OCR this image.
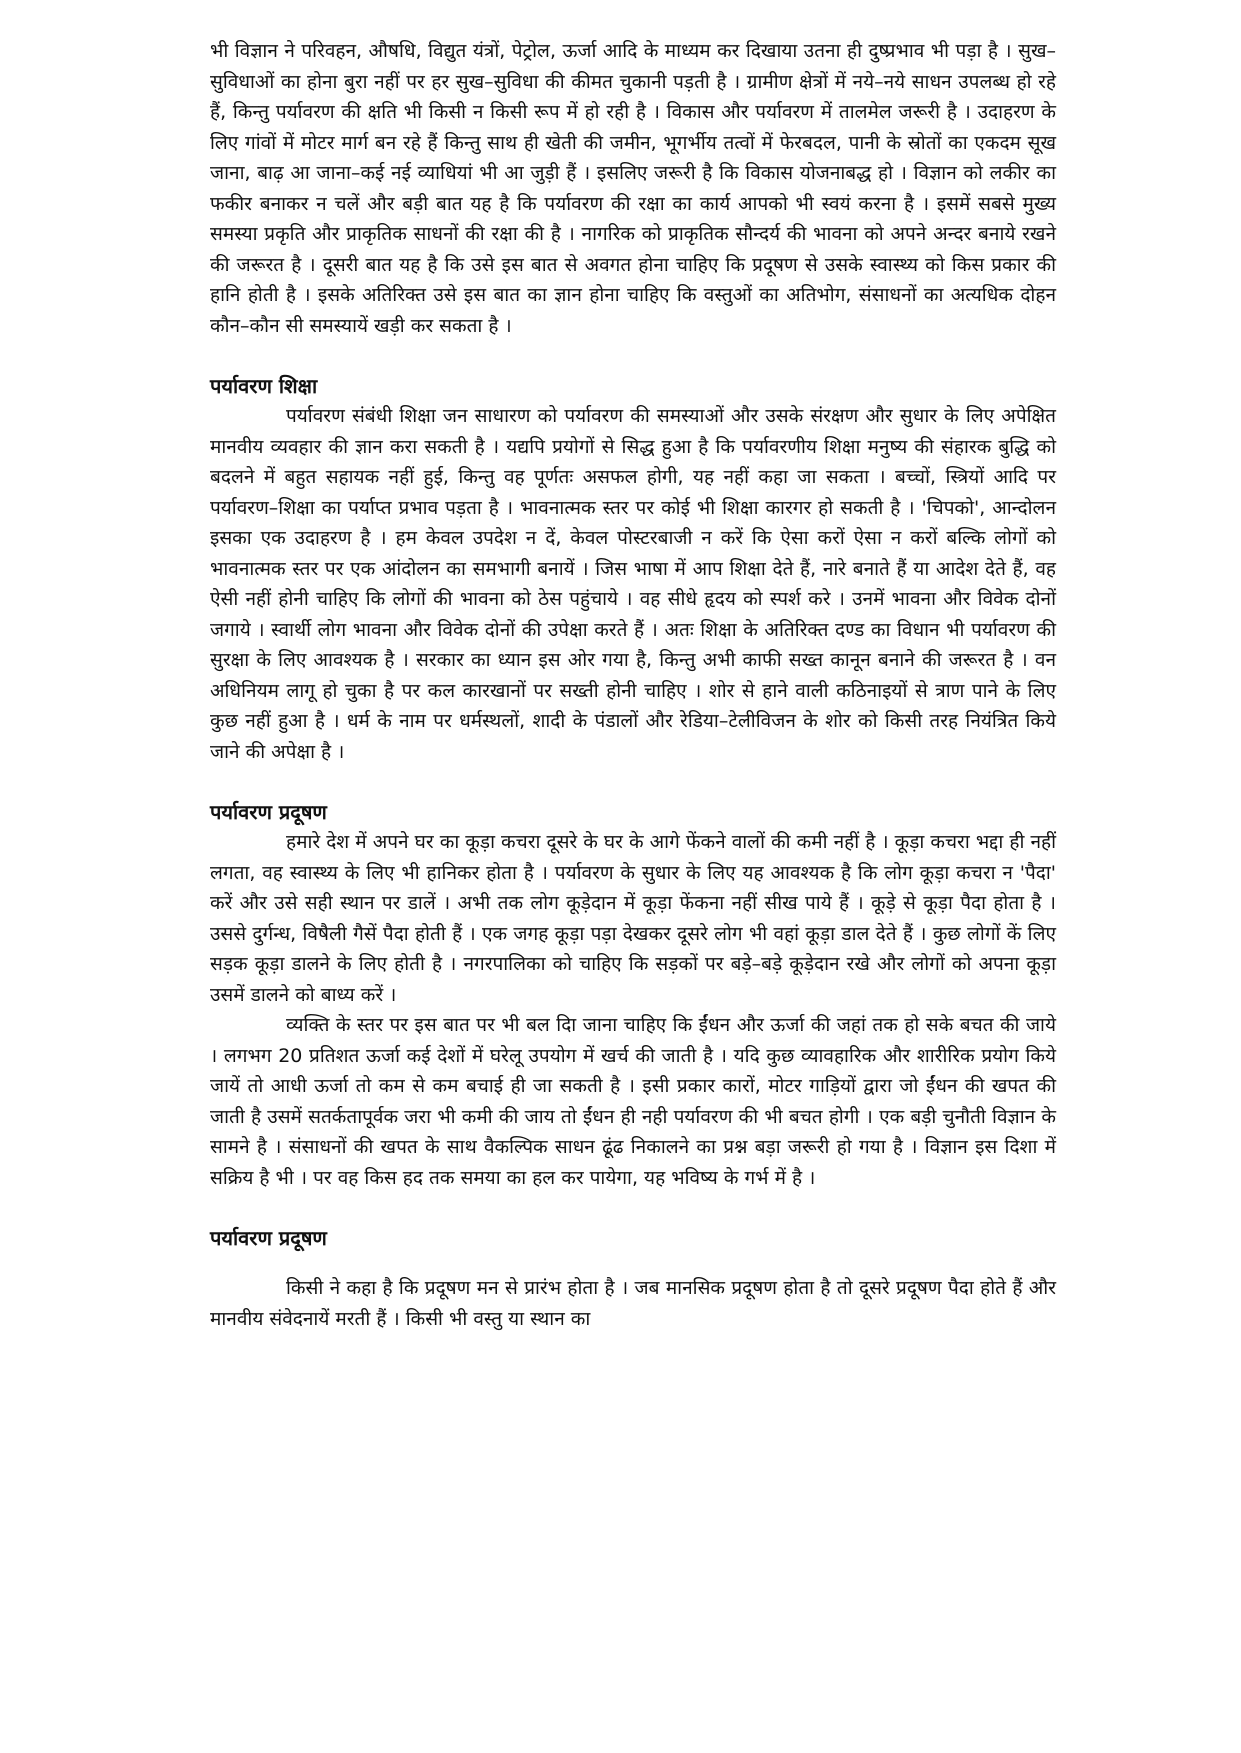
भी विज्ञान ने परिवहन, औषधि, विद्युत यंत्रों, पेट्रोल, ऊर्जा आदि के माध्यम कर दिखाया उतना ही दुष्प्रभाव भी पड़ा है । सुख–सुविधाओं का होना बुरा नहीं पर हर सुख–सुविधा की कीमत चुकानी पड़ती है । ग्रामीण क्षेत्रों में नये–नये साधन उपलब्ध हो रहे हैं, किन्तु पर्यावरण की क्षति भी किसी न किसी रूप में हो रही है । विकास और पर्यावरण में तालमेल जरूरी है । उदाहरण के लिए गांवों में मोटर मार्ग बन रहे हैं किन्तु साथ ही खेती की जमीन, भूगर्भीय तत्वों में फेरबदल, पानी के स्रोतों का एकदम सूख जाना, बाढ़ आ जाना–कई नई व्याधियां भी आ जुड़ी हैं । इसलिए जरूरी है कि विकास योजनाबद्ध हो । विज्ञान को लकीर का फकीर बनाकर न चलें और बड़ी बात यह है कि पर्यावरण की रक्षा का कार्य आपको भी स्वयं करना है । इसमें सबसे मुख्य समस्या प्रकृति और प्राकृतिक साधनों की रक्षा की है । नागरिक को प्राकृतिक सौन्दर्य की भावना को अपने अन्दर बनाये रखने की जरूरत है । दूसरी बात यह है कि उसे इस बात से अवगत होना चाहिए कि प्रदूषण से उसके स्वास्थ्य को किस प्रकार की हानि होती है । इसके अतिरिक्त उसे इस बात का ज्ञान होना चाहिए कि वस्तुओं का अतिभोग, संसाधनों का अत्यधिक दोहन कौन–कौन सी समस्यायें खड़ी कर सकता है ।

पर्यावरण शिक्षा

पर्यावरण संबंधी शिक्षा जन साधारण को पर्यावरण की समस्याओं और उसके संरक्षण और सुधार के लिए अपेक्षित मानवीय व्यवहार की ज्ञान करा सकती है । यद्यपि प्रयोगों से सिद्ध हुआ है कि पर्यावरणीय शिक्षा मनुष्य की संहारक बुद्धि को बदलने में बहुत सहायक नहीं हुई, किन्तु वह पूर्णतः असफल होगी, यह नहीं कहा जा सकता । बच्चों, स्त्रियों आदि पर पर्यावरण–शिक्षा का पर्याप्त प्रभाव पड़ता है । भावनात्मक स्तर पर कोई भी शिक्षा कारगर हो सकती है । 'चिपको', आन्दोलन इसका एक उदाहरण है । हम केवल उपदेश न दें, केवल पोस्टरबाजी न करें कि ऐसा करों ऐसा न करों बल्कि लोगों को भावनात्मक स्तर पर एक आंदोलन का समभागी बनायें । जिस भाषा में आप शिक्षा देते हैं, नारे बनाते हैं या आदेश देते हैं, वह ऐसी नहीं होनी चाहिए कि लोगों की भावना को ठेस पहुंचाये । वह सीधे हृदय को स्पर्श करे । उनमें भावना और विवेक दोनों जगाये । स्वार्थी लोग भावना और विवेक दोनों की उपेक्षा करते हैं । अतः शिक्षा के अतिरिक्त दण्ड का विधान भी पर्यावरण की सुरक्षा के लिए आवश्यक है । सरकार का ध्यान इस ओर गया है, किन्तु अभी काफी सख्त कानून बनाने की जरूरत है । वन अधिनियम लागू हो चुका है पर कल कारखानों पर सख्ती होनी चाहिए । शोर से हाने वाली कठिनाइयों से त्राण पाने के लिए कुछ नहीं हुआ है । धर्म के नाम पर धर्मस्थलों, शादी के पंडालों और रेडिया–टेलीविजन के शोर को किसी तरह नियंत्रित किये जाने की अपेक्षा है ।

पर्यावरण प्रदूषण

हमारे देश में अपने घर का कूड़ा कचरा दूसरे के घर के आगे फेंकने वालों की कमी नहीं है । कूड़ा कचरा भद्दा ही नहीं लगता, वह स्वास्थ्य के लिए भी हानिकर होता है । पर्यावरण के सुधार के लिए यह आवश्यक है कि लोग कूड़ा कचरा न 'पैदा' करें और उसे सही स्थान पर डालें । अभी तक लोग कूड़ेदान में कूड़ा फेंकना नहीं सीख पाये हैं । कूड़े से कूड़ा पैदा होता है । उससे दुर्गन्ध, विषैली गैसें पैदा होती हैं । एक जगह कूड़ा पड़ा देखकर दूसरे लोग भी वहां कूड़ा डाल देते हैं । कुछ लोगों कें लिए सड़क कूड़ा डालने के लिए होती है । नगरपालिका को चाहिए कि सड़कों पर बड़े–बड़े कूड़ेदान रखे और लोगों को अपना कूड़ा उसमें डालने को बाध्य करें ।

व्यक्ति के स्तर पर इस बात पर भी बल दिा जाना चाहिए कि ईंधन और ऊर्जा की जहां तक हो सके बचत की जाये । लगभग 20 प्रतिशत ऊर्जा कई देशों में घरेलू उपयोग में खर्च की जाती है । यदि कुछ व्यावहारिक और शारीरिक प्रयोग किये जायें तो आधी ऊर्जा तो कम से कम बचाई ही जा सकती है । इसी प्रकार कारों, मोटर गाड़ियों द्वारा जो ईंधन की खपत की जाती है उसमें सतर्कतापूर्वक जरा भी कमी की जाय तो ईंधन ही नही पर्यावरण की भी बचत होगी । एक बड़ी चुनौती विज्ञान के सामने है । संसाधनों की खपत के साथ वैकल्पिक साधन ढूंढ निकालने का प्रश्न बड़ा जरूरी हो गया है । विज्ञान इस दिशा में सक्रिय है भी । पर वह किस हद तक समया का हल कर पायेगा, यह भविष्य के गर्भ में है ।

पर्यावरण प्रदूषण

किसी ने कहा है कि प्रदूषण मन से प्रारंभ होता है । जब मानसिक प्रदूषण होता है तो दूसरे प्रदूषण पैदा होते हैं और मानवीय संवेदनायें मरती हैं । किसी भी वस्तु या स्थान का
